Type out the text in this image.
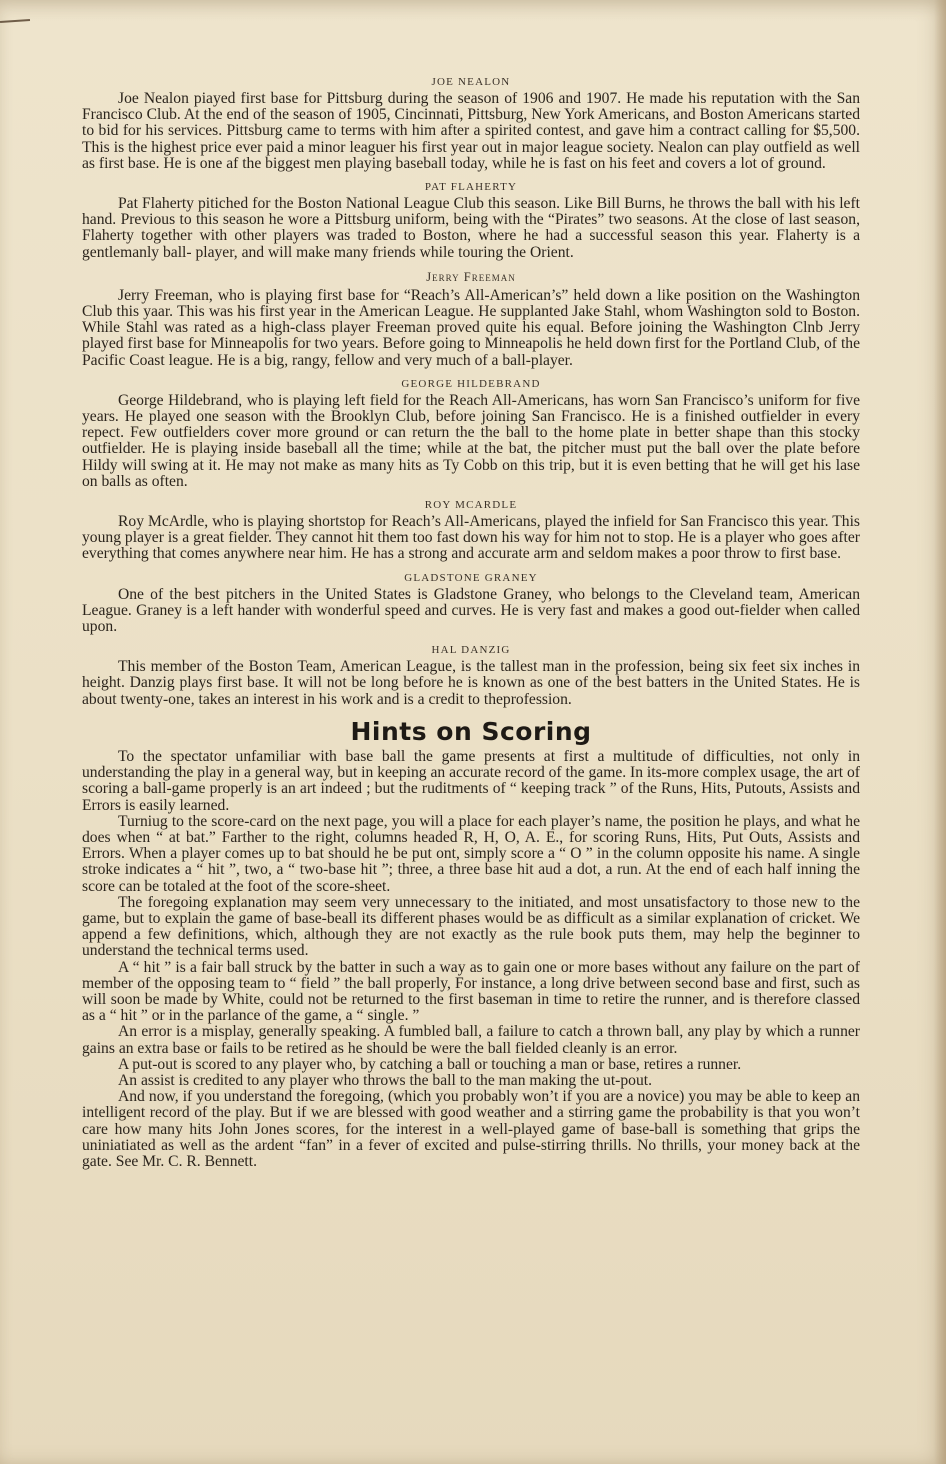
JOE NEALON

Joe Nealon piayed first base for Pittsburg during the season of 1906 and 1907. He made his reputation with the San Francisco Club. At the end of the season of 1905, Cincinnati, Pittsburg, New York Americans, and Boston Americans started to bid for his services. Pittsburg came to terms with him after a spirited contest, and gave him a contract calling for $5,500. This is the highest price ever paid a minor leaguer his first year out in major league society. Nealon can play outfield as well as first base. He is one af the biggest men playing baseball today, while he is fast on his feet and covers a lot of ground.

PAT FLAHERTY

Pat Flaherty pitiched for the Boston National League Club this season. Like Bill Burns, he throws the ball with his left hand. Previous to this season he wore a Pittsburg uniform, being with the “Pirates” two seasons. At the close of last season, Flaherty together with other players was traded to Boston, where he had a successful season this year. Flaherty is a gentlemanly ball- player, and will make many friends while touring the Orient.

Jerry Freeman

Jerry Freeman, who is playing first base for “Reach’s All-American’s” held down a like position on the Washington Club this yaar. This was his first year in the American League. He supplanted Jake Stahl, whom Washington sold to Boston. While Stahl was rated as a high-class player Freeman proved quite his equal. Before joining the Washington Clnb Jerry played first base for Minneapolis for two years. Before going to Minneapolis he held down first for the Portland Club, of the Pacific Coast league. He is a big, rangy, fellow and very much of a ball-player.

GEORGE HILDEBRAND

George Hildebrand, who is playing left field for the Reach All-Americans, has worn San Francisco’s uniform for five years. He played one season with the Brooklyn Club, before joining San Francisco. He is a finished outfielder in every repect. Few outfielders cover more ground or can return the the ball to the home plate in better shape than this stocky outfielder. He is playing inside baseball all the time; while at the bat, the pitcher must put the ball over the plate before Hildy will swing at it. He may not make as many hits as Ty Cobb on this trip, but it is even betting that he will get his lase on balls as often.

ROY MCARDLE

Roy McArdle, who is playing shortstop for Reach’s All-Americans, played the infield for San Francisco this year. This young player is a great fielder. They cannot hit them too fast down his way for him not to stop. He is a player who goes after everything that comes anywhere near him. He has a strong and accurate arm and seldom makes a poor throw to first base.

GLADSTONE GRANEY

One of the best pitchers in the United States is Gladstone Graney, who belongs to the Cleveland team, American League. Graney is a left hander with wonderful speed and curves. He is very fast and makes a good out-fielder when called upon.

HAL DANZIG

This member of the Boston Team, American League, is the tallest man in the profession, being six feet six inches in height. Danzig plays first base. It will not be long before he is known as one of the best batters in the United States. He is about twenty-one, takes an interest in his work and is a credit to theprofession.

Hints on Scoring

To the spectator unfamiliar with base ball the game presents at first a multitude of difficulties, not only in understanding the play in a general way, but in keeping an accurate record of the game. In its-more complex usage, the art of scoring a ball-game properly is an art indeed ; but the ruditments of “ keeping track ” of the Runs, Hits, Putouts, Assists and Errors is easily learned.

Turniug to the score-card on the next page, you will a place for each player’s name, the position he plays, and what he does when “ at bat.” Farther to the right, columns headed R, H, O, A. E., for scoring Runs, Hits, Put Outs, Assists and Errors. When a player comes up to bat should he be put ont, simply score a “ O ” in the column opposite his name. A single stroke indicates a “ hit ”, two, a “ two-base hit ”; three, a three base hit aud a dot, a run. At the end of each half inning the score can be totaled at the foot of the score-sheet.

The foregoing explanation may seem very unnecessary to the initiated, and most unsatisfactory to those new to the game, but to explain the game of base-beall its different phases would be as difficult as a similar explanation of cricket. We append a few definitions, which, although they are not exactly as the rule book puts them, may help the beginner to understand the technical terms used.

A “ hit ” is a fair ball struck by the batter in such a way as to gain one or more bases without any failure on the part of member of the opposing team to “ field ” the ball properly, For instance, a long drive between second base and first, such as will soon be made by White, could not be returned to the first baseman in time to retire the runner, and is therefore classed as a “ hit ” or in the parlance of the game, a “ single. ”

An error is a misplay, generally speaking. A fumbled ball, a failure to catch a thrown ball, any play by which a runner gains an extra base or fails to be retired as he should be were the ball fielded cleanly is an error.

A put-out is scored to any player who, by catching a ball or touching a man or base, retires a runner.

An assist is credited to any player who throws the ball to the man making the ut-pout.

And now, if you understand the foregoing, (which you probably won’t if you are a novice) you may be able to keep an intelligent record of the play. But if we are blessed with good weather and a stirring game the probability is that you won’t care how many hits John Jones scores, for the interest in a well-played game of base-ball is something that grips the uniniatiated as well as the ardent “fan” in a fever of excited and pulse-stirring thrills. No thrills, your money back at the gate. See Mr. C. R. Bennett.
